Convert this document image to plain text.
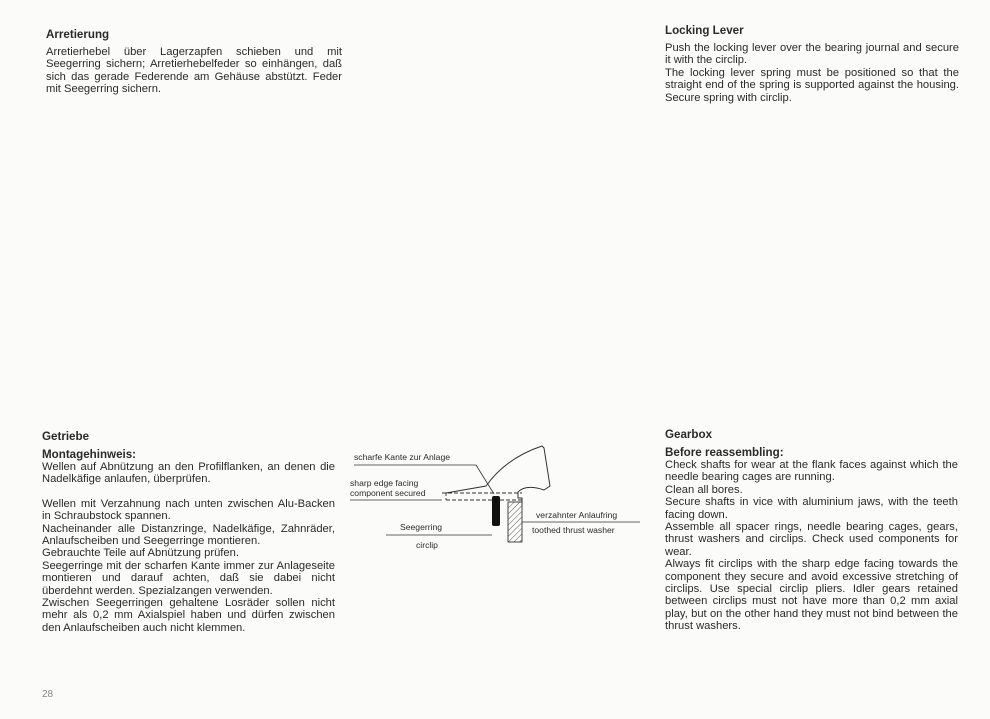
Arretierung

Arretierhebel über Lagerzapfen schieben und mit Seegerring sichern; Arretierhebelfeder so einhängen, daß sich das gerade Federende am Gehäuse abstützt. Feder mit Seegerring sichern.

Locking Lever

Push the locking lever over the bearing journal and secure it with the circlip.

The locking lever spring must be positioned so that the straight end of the spring is supported against the housing. Secure spring with circlip.

Getriebe
Montagehinweis:

Wellen auf Abnützung an den Profilflanken, an denen die Nadelkäfige anlaufen, überprüfen.

Wellen mit Verzahnung nach unten zwischen Alu-Backen in Schraubstock spannen.

Nacheinander alle Distanzringe, Nadelkäfige, Zahnräder, Anlaufscheiben und Seegerringe montieren.

Gebrauchte Teile auf Abnützung prüfen.

Seegerringe mit der scharfen Kante immer zur Anlageseite montieren und darauf achten, daß sie dabei nicht überdehnt werden. Spezialzangen verwenden.

Zwischen Seegerringen gehaltene Losräder sollen nicht mehr als 0,2 mm Axialspiel haben und dürfen zwischen den Anlaufscheiben auch nicht klemmen.

Gearbox
Before reassembling:

Check shafts for wear at the flank faces against which the needle bearing cages are running.

Clean all bores.

Secure shafts in vice with aluminium jaws, with the teeth facing down.

Assemble all spacer rings, needle bearing cages, gears, thrust washers and circlips. Check used components for wear.

Always fit circlips with the sharp edge facing towards the component they secure and avoid excessive stretching of circlips. Use special circlip pliers. Idler gears retained between circlips must not have more than 0,2 mm axial play, but on the other hand they must not bind between the thrust washers.

scharfe Kante zur Anlage
sharp edge facing
component secured
Seegerring
circlip
verzahnter Anlaufring
toothed thrust washer
28
